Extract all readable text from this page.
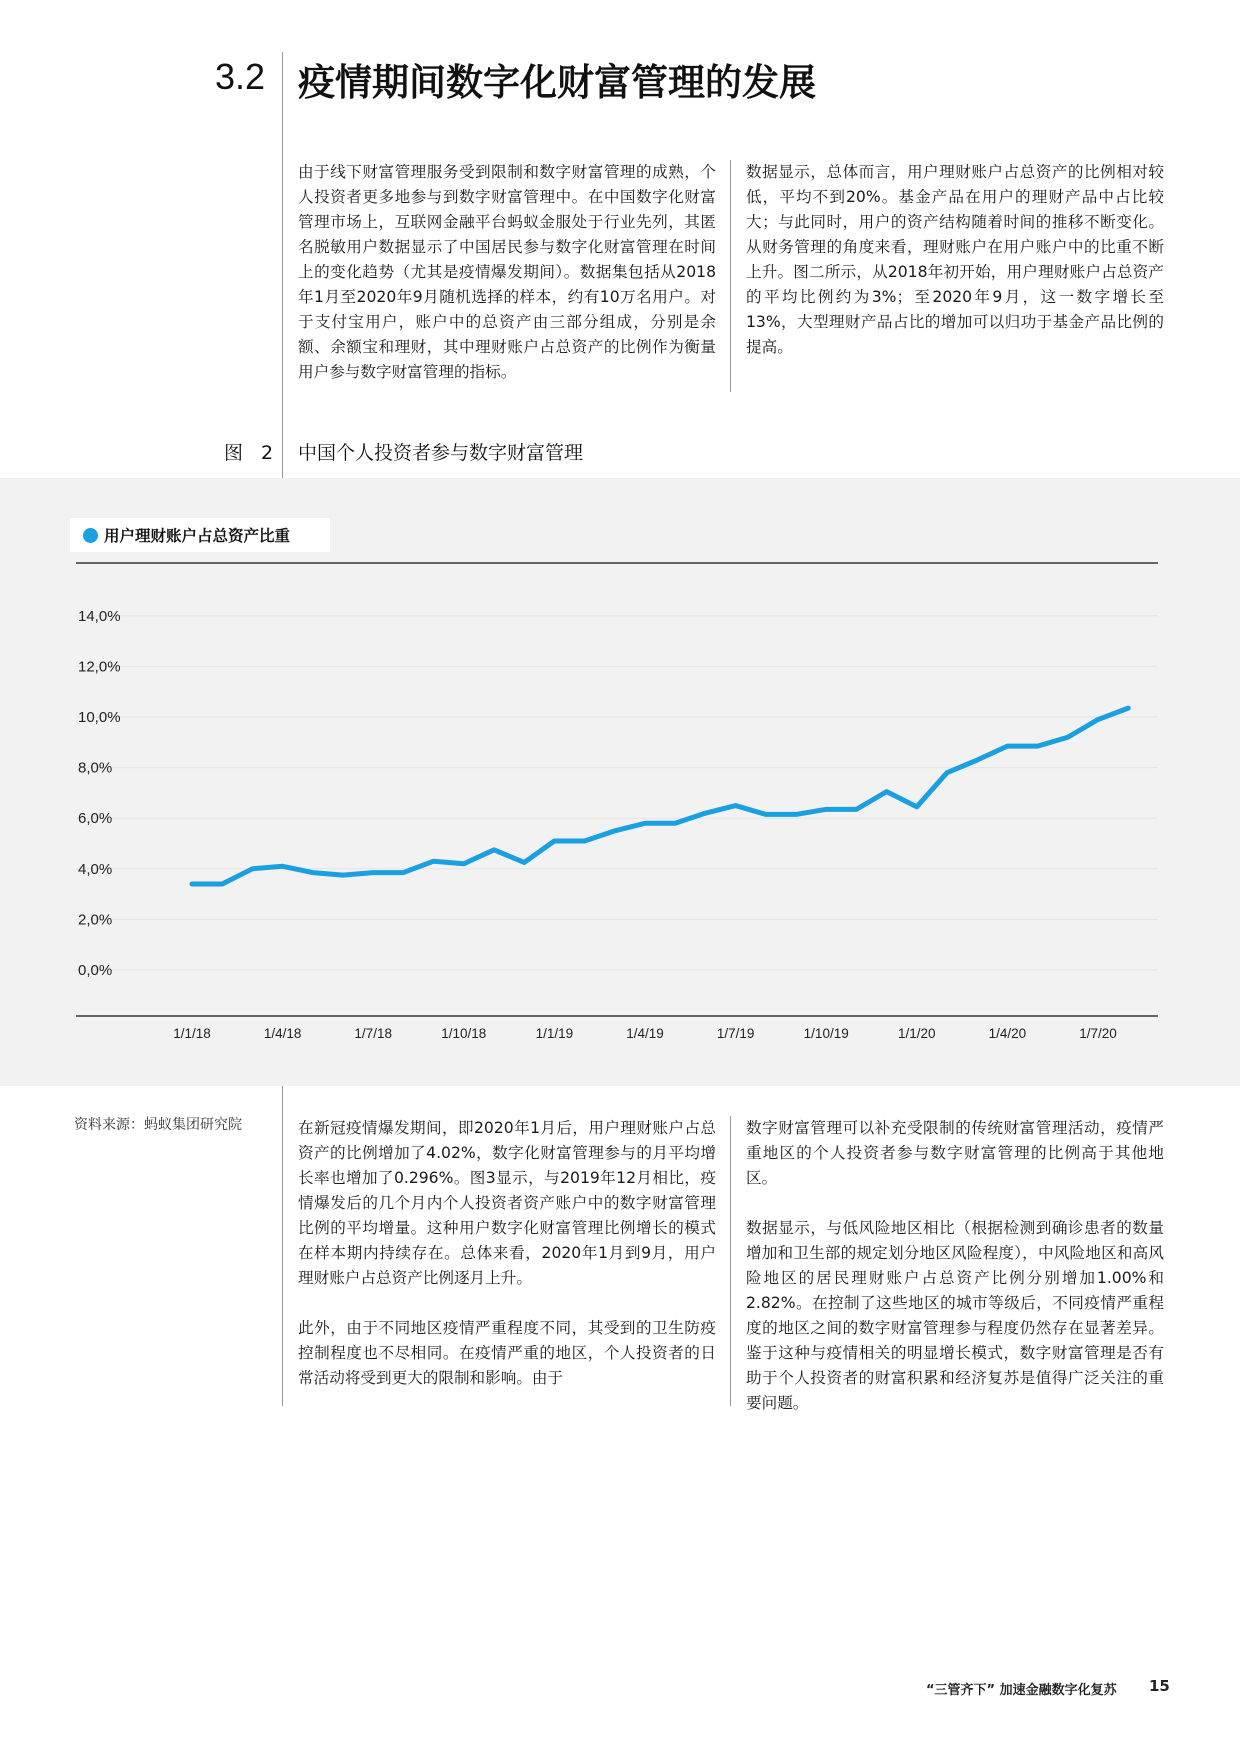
3.2 疫情期间数字化财富管理的发展

由于线下财富管理服务受到限制和数字财富管理的成熟，个人投资者更多地参与到数字财富管理中。在中国数字化财富管理市场上，互联网金融平台蚂蚁金服处于行业先列，其匿名脱敏用户数据显示了中国居民参与数字化财富管理在时间上的变化趋势（尤其是疫情爆发期间）。数据集包括从2018年1月至2020年9月随机选择的样本，约有10万名用户。对于支付宝用户，账户中的总资产由三部分组成，分别是余额、余额宝和理财，其中理财账户占总资产的比例作为衡量用户参与数字财富管理的指标。

数据显示，总体而言，用户理财账户占总资产的比例相对较低，平均不到20%。基金产品在用户的理财产品中占比较大；与此同时，用户的资产结构随着时间的推移不断变化。从财务管理的角度来看，理财账户在用户账户中的比重不断上升。图二所示，从2018年初开始，用户理财账户占总资产的平均比例约为3%；至2020年9月，这一数字增长至13%，大型理财产品占比的增加可以归功于基金产品比例的提高。

图 2 中国个人投资者参与数字财富管理
用户理财账户占总资产比重
14,0%
12,0%
10,0%
8,0%
6,0%
4,0%
2,0%
0,0%
1/1/18	1/4/18	1/7/18	1/10/18	1/1/19	1/4/19	1/7/19	1/10/19	1/1/20	1/4/20	1/7/20
资料来源：蚂蚁集团研究院	在新冠疫情爆发期间，即2020年1月后，用户理财账户占总资产的比例增加了4.02%，数字化财富管理参与的月平均增长率也增加了0.296%。图3显示，与2019年12月相比，疫情爆发后的几个月内个人投资者资产账户中的数字财富管理比例的平均增量。这种用户数字化财富管理比例增长的模式在样本期内持续存在。总体来看，2020年1月到9月，用户理财账户占总资产比例逐月上升。

此外，由于不同地区疫情严重程度不同，其受到的卫生防疫控制程度也不尽相同。在疫情严重的地区，个人投资者的日常活动将受到更大的限制和影响。由于

数字财富管理可以补充受限制的传统财富管理活动，疫情严重地区的个人投资者参与数字财富管理的比例高于其他地区。

数据显示，与低风险地区相比（根据检测到确诊患者的数量增加和卫生部的规定划分地区风险程度），中风险地区和高风险地区的居民理财账户占总资产比例分别增加1.00%和2.82%。在控制了这些地区的城市等级后，不同疫情严重程度的地区之间的数字财富管理参与程度仍然存在显著差异。鉴于这种与疫情相关的明显增长模式，数字财富管理是否有助于个人投资者的财富积累和经济复苏是值得广泛关注的重要问题。

“三管齐下” 加速金融数字化复苏 15
